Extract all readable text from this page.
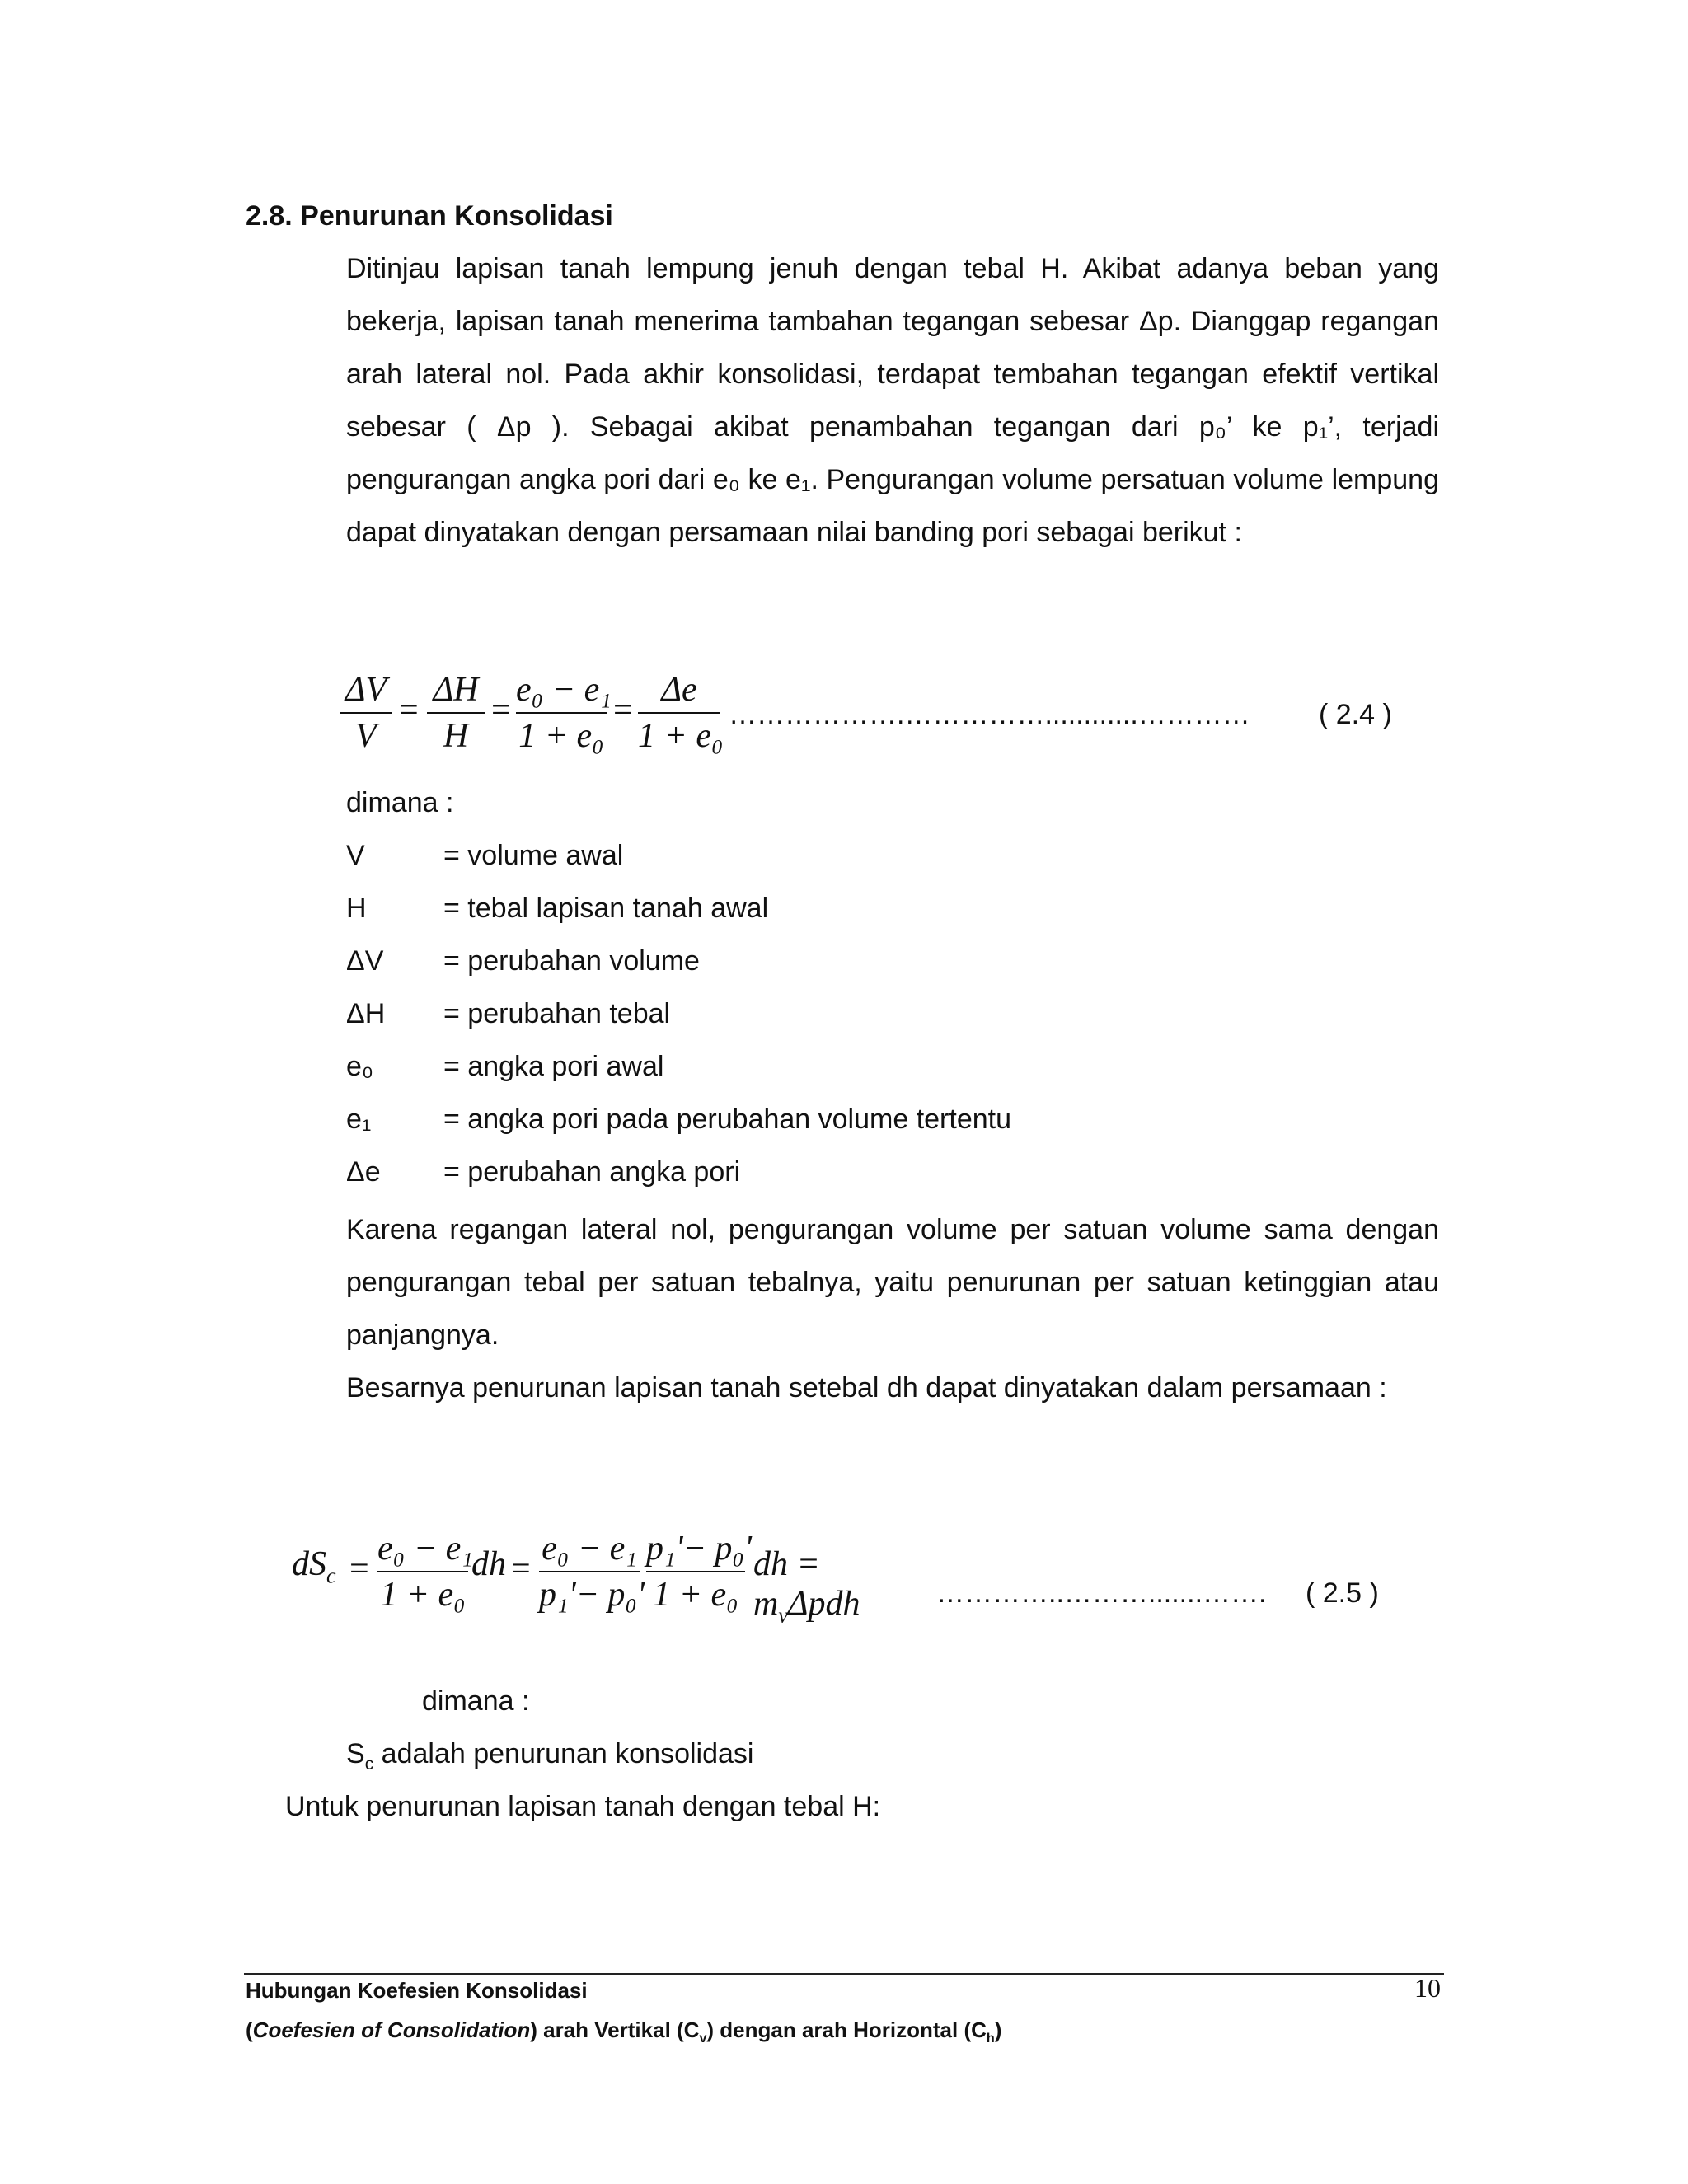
2.8. Penurunan Konsolidasi

Ditinjau lapisan tanah lempung jenuh dengan tebal H. Akibat adanya beban yang bekerja, lapisan tanah menerima tambahan tegangan sebesar Δp. Dianggap regangan arah lateral nol. Pada akhir konsolidasi, terdapat tembahan tegangan efektif vertikal sebesar ( Δp ). Sebagai akibat penambahan tegangan dari p₀’ ke p₁’, terjadi pengurangan angka pori dari e₀ ke e₁. Pengurangan volume persatuan volume lempung dapat dinyatakan dengan persamaan nilai banding pori sebagai berikut :

ΔV
V
=
ΔH
H
=
e₀ − e₁
1 + e₀
=
Δe
1 + e₀
……………….……………............………… ( 2.4 )
dimana :
V	= volume awal
H	= tebal lapisan tanah awal
ΔV	= perubahan volume
ΔH	= perubahan tebal
e₀	= angka pori awal
e₁	= angka pori pada perubahan volume tertentu
Δe	= perubahan angka pori

Karena regangan lateral nol, pengurangan volume per satuan volume sama dengan pengurangan tebal per satuan tebalnya, yaitu penurunan per satuan ketinggian atau panjangnya.

Besarnya penurunan lapisan tanah setebal dh dapat dinyatakan dalam persamaan :

$dS_c$ =
e₀ − e₁
1 + e₀
dh =
e₀ − e₁
p₁'− p₀'
p₁'− p₀'
1 + e₀
dh = $m_v\Delta pdh$	…………..……….......……. ( 2.5 )
dimana :
$S_c$ adalah penurunan konsolidasi
Untuk penurunan lapisan tanah dengan tebal H:
Hubungan Koefesien Konsolidasi	10
(Coefesien of Consolidation) arah Vertikal $(C_v)$ dengan arah Horizontal $(C_h)$
